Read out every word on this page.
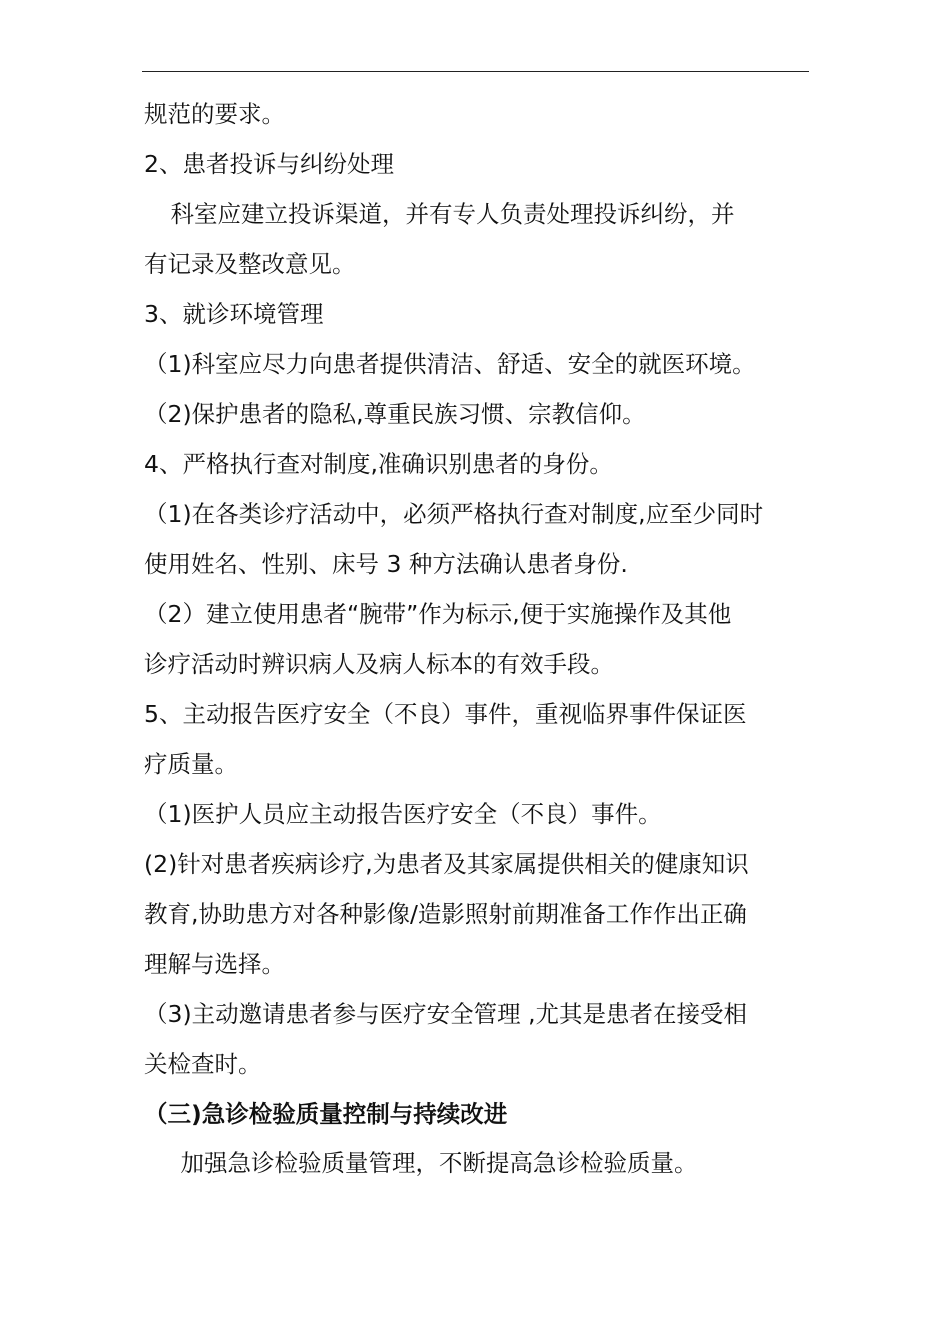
规范的要求。
2、患者投诉与纠纷处理
　科室应建立投诉渠道，并有专人负责处理投诉纠纷，并
有记录及整改意见。
3、就诊环境管理
（1)科室应尽力向患者提供清洁、舒适、安全的就医环境。
（2)保护患者的隐私,尊重民族习惯、宗教信仰。
4、严格执行查对制度,准确识别患者的身份。
（1)在各类诊疗活动中，必须严格执行查对制度,应至少同时
使用姓名、性别、床号 3 种方法确认患者身份.
（2）建立使用患者“腕带”作为标示,便于实施操作及其他
诊疗活动时辨识病人及病人标本的有效手段。
5、主动报告医疗安全（不良）事件，重视临界事件保证医
疗质量。
（1)医护人员应主动报告医疗安全（不良）事件。
(2)针对患者疾病诊疗,为患者及其家属提供相关的健康知识
教育,协助患方对各种影像/造影照射前期准备工作作出正确
理解与选择。
（3)主动邀请患者参与医疗安全管理 ,尤其是患者在接受相
关检查时。
（三)急诊检验质量控制与持续改进
　加强急诊检验质量管理，不断提高急诊检验质量。
